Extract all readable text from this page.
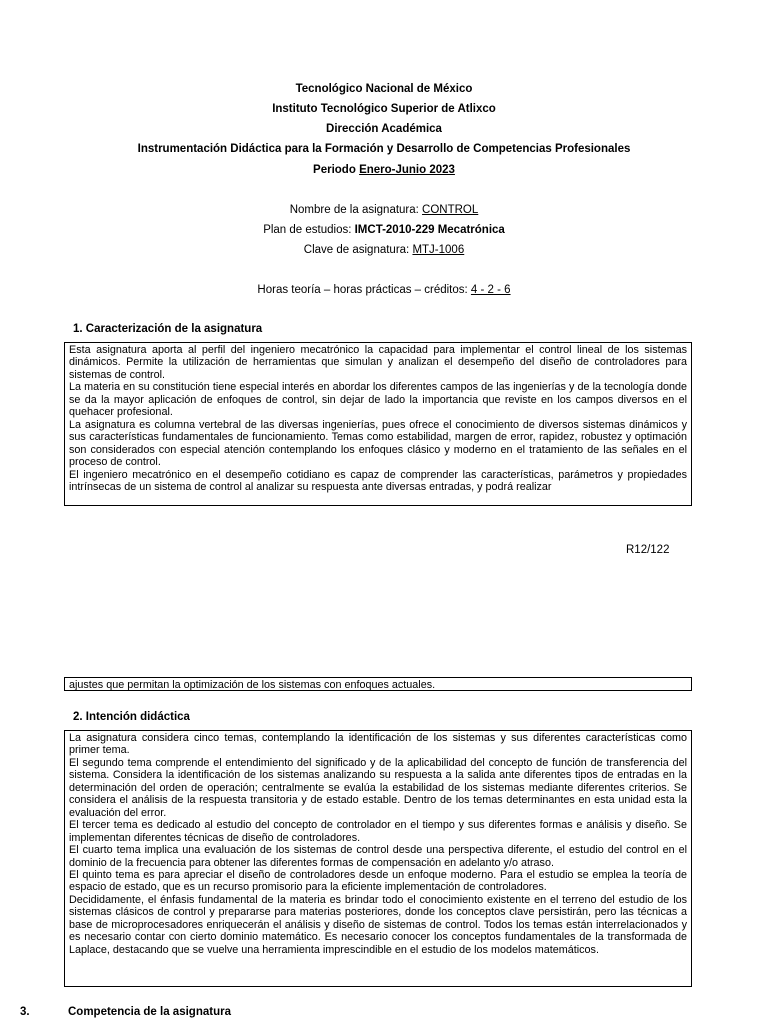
Tecnológico Nacional de México
Instituto Tecnológico Superior de Atlixco
Dirección Académica
Instrumentación Didáctica para la Formación y Desarrollo de Competencias Profesionales
Periodo Enero-Junio 2023
Nombre de la asignatura: CONTROL
Plan de estudios: IMCT-2010-229 Mecatrónica
Clave de asignatura: MTJ-1006
Horas teoría – horas prácticas – créditos: 4 - 2 - 6
1. Caracterización de la asignatura

Esta asignatura aporta al perfil del ingeniero mecatrónico la capacidad para implementar el control lineal de los sistemas dinámicos. Permite la utilización de herramientas que simulan y analizan el desempeño del diseño de controladores para sistemas de control.

La materia en su constitución tiene especial interés en abordar los diferentes campos de las ingenierías y de la tecnología donde se da la mayor aplicación de enfoques de control, sin dejar de lado la importancia que reviste en los campos diversos en el quehacer profesional.

La asignatura es columna vertebral de las diversas ingenierías, pues ofrece el conocimiento de diversos sistemas dinámicos y sus características fundamentales de funcionamiento. Temas como estabilidad, margen de error, rapidez, robustez y optimación son considerados con especial atención contemplando los enfoques clásico y moderno en el tratamiento de las señales en el proceso de control.

El ingeniero mecatrónico en el desempeño cotidiano es capaz de comprender las características, parámetros y propiedades intrínsecas de un sistema de control al analizar su respuesta ante diversas entradas, y podrá realizar

R12/122

ajustes que permitan la optimización de los sistemas con enfoques actuales.

2. Intención didáctica

La asignatura considera cinco temas, contemplando la identificación de los sistemas y sus diferentes características como primer tema.

El segundo tema comprende el entendimiento del significado y de la aplicabilidad del concepto de función de transferencia del sistema. Considera la identificación de los sistemas analizando su respuesta a la salida ante diferentes tipos de entradas en la determinación del orden de operación; centralmente se evalúa la estabilidad de los sistemas mediante diferentes criterios. Se considera el análisis de la respuesta transitoria y de estado estable. Dentro de los temas determinantes en esta unidad esta la evaluación del error.

El tercer tema es dedicado al estudio del concepto de controlador en el tiempo y sus diferentes formas e análisis y diseño. Se implementan diferentes técnicas de diseño de controladores.

El cuarto tema implica una evaluación de los sistemas de control desde una perspectiva diferente, el estudio del control en el dominio de la frecuencia para obtener las diferentes formas de compensación en adelanto y/o atraso.

El quinto tema es para apreciar el diseño de controladores desde un enfoque moderno. Para el estudio se emplea la teoría de espacio de estado, que es un recurso promisorio para la eficiente implementación de controladores.

Decididamente, el énfasis fundamental de la materia es brindar todo el conocimiento existente en el terreno del estudio de los sistemas clásicos de control y prepararse para materias posteriores, donde los conceptos clave persistirán, pero las técnicas a base de microprocesadores enriquecerán el análisis y diseño de sistemas de control. Todos los temas están interrelacionados y es necesario contar con cierto dominio matemático. Es necesario conocer los conceptos fundamentales de la transformada de Laplace, destacando que se vuelve una herramienta imprescindible en el estudio de los modelos matemáticos.

3.	Competencia de la asignatura
